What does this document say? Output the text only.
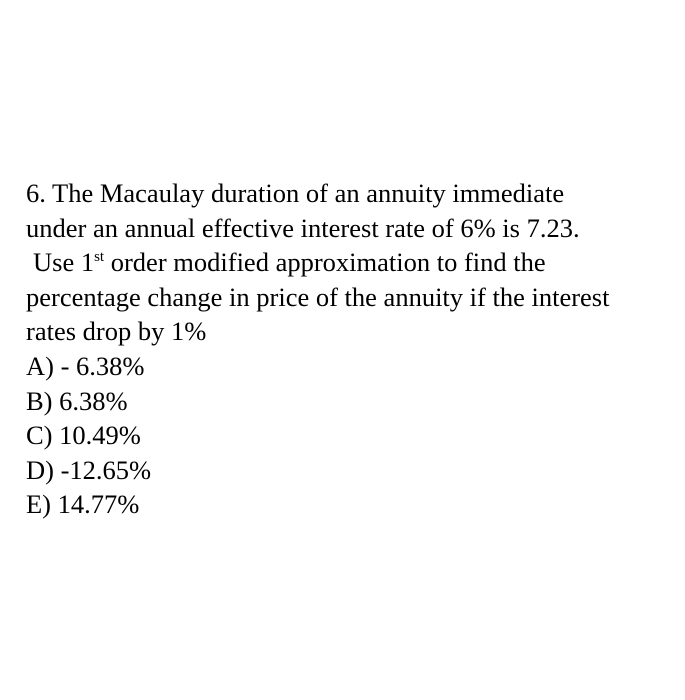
6. The Macaulay duration of an annuity immediate
under an annual effective interest rate of 6% is 7.23.
Use 1st order modified approximation to find the
percentage change in price of the annuity if the interest
rates drop by 1%
A) - 6.38%
B) 6.38%
C) 10.49%
D) -12.65%
E) 14.77%
